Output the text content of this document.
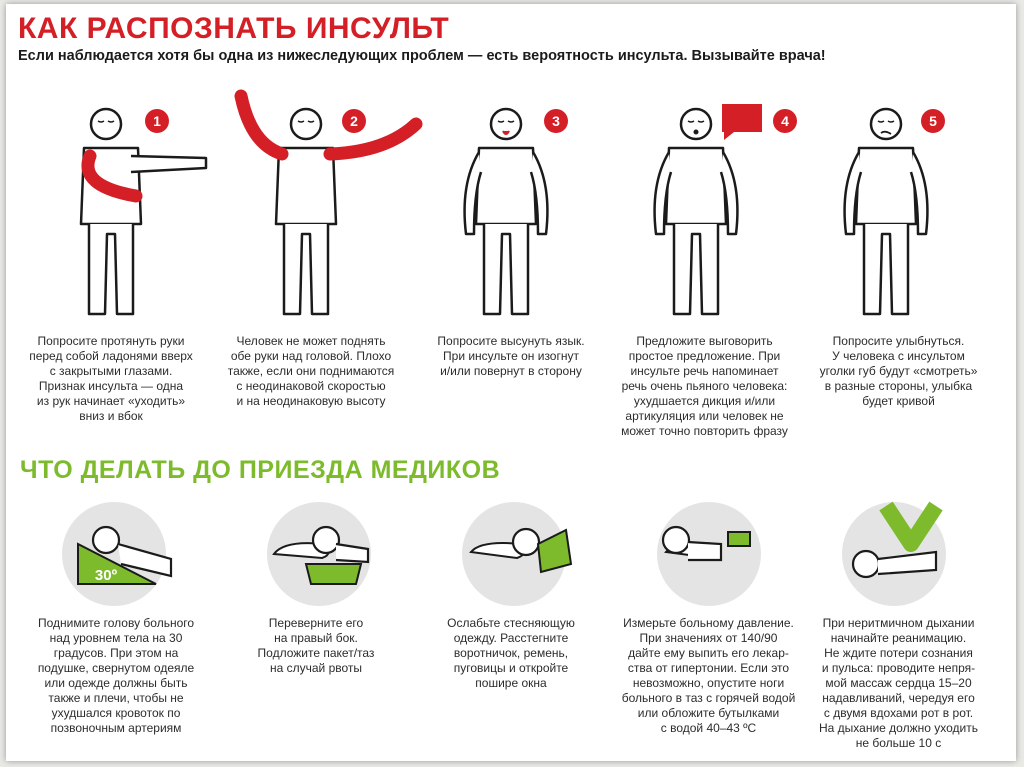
1	2	3	4	5
30º
КАК РАСПОЗНАТЬ ИНСУЛЬТ

Если наблюдается хотя бы одна из нижеследующих проблем — есть вероятность инсульта. Вызывайте врача!

Попросите протянуть руки
перед собой ладонями вверх
с закрытыми глазами.
Признак инсульта — одна
из рук начинает «уходить»
вниз и вбок

Человек не может поднять
обе руки над головой. Плохо
также, если они поднимаются
с неодинаковой скоростью
и на неодинаковую высоту

Попросите высунуть язык.
При инсульте он изогнут
и/или повернут в сторону

Предложите выговорить
простое предложение. При
инсульте речь напоминает
речь очень пьяного человека:
ухудшается дикция и/или
артикуляция или человек не
может точно повторить фразу

Попросите улыбнуться.
У человека с инсультом
уголки губ будут «смотреть»
в разные стороны, улыбка
будет кривой

ЧТО ДЕЛАТЬ ДО ПРИЕЗДА МЕДИКОВ

Поднимите голову больного
над уровнем тела на 30
градусов. При этом на
подушке, свернутом одеяле
или одежде должны быть
также и плечи, чтобы не
ухудшался кровоток по
позвоночным артериям

Переверните его
на правый бок.
Подложите пакет/таз
на случай рвоты

Ослабьте стесняющую
одежду. Расстегните
воротничок, ремень,
пуговицы и откройте
пошире окна

Измерьте больному давление.
При значениях от 140/90
дайте ему выпить его лекар-
ства от гипертонии. Если это
невозможно, опустите ноги
больного в таз с горячей водой
или обложите бутылками
с водой 40–43 ºC

При неритмичном дыхании
начинайте реанимацию.
Не ждите потери сознания
и пульса: проводите непря-
мой массаж сердца 15–20
надавливаний, чередуя его
с двумя вдохами рот в рот.
На дыхание должно уходить
не больше 10 с
